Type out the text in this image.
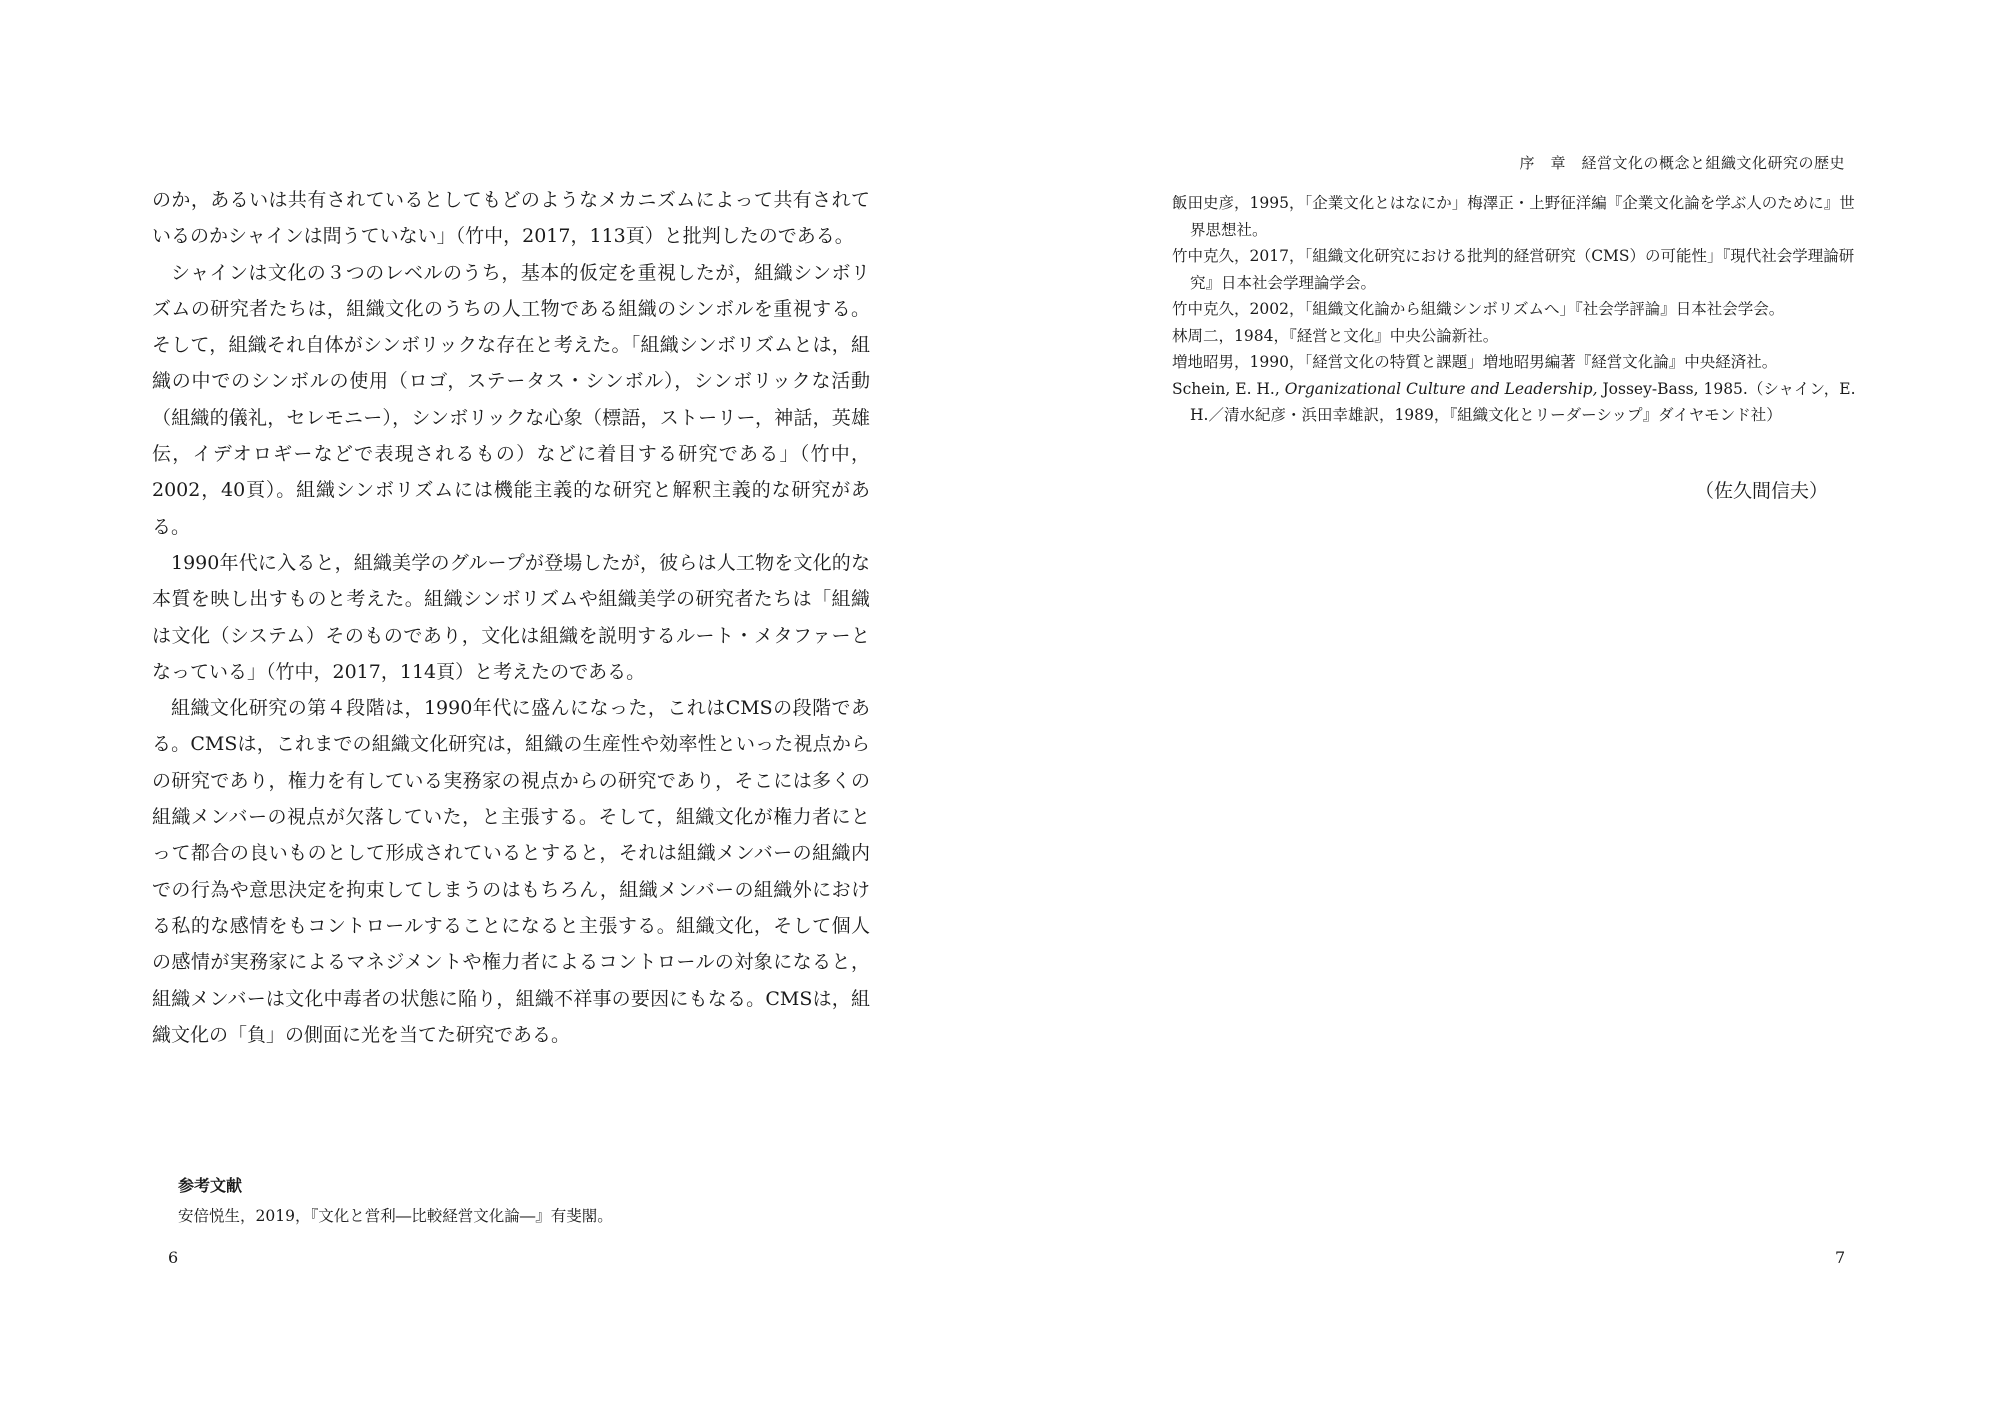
のか，あるいは共有されているとしてもどのようなメカニズムによって共有されているのかシャインは問うていない」（竹中，2017，113頁）と批判したのである。

シャインは文化の３つのレベルのうち，基本的仮定を重視したが，組織シンボリズムの研究者たちは，組織文化のうちの人工物である組織のシンボルを重視する。そして，組織それ自体がシンボリックな存在と考えた。「組織シンボリズムとは，組織の中でのシンボルの使用（ロゴ，ステータス・シンボル），シンボリックな活動（組織的儀礼，セレモニー），シンボリックな心象（標語，ストーリー，神話，英雄伝，イデオロギーなどで表現されるもの）などに着目する研究である」（竹中，2002，40頁）。組織シンボリズムには機能主義的な研究と解釈主義的な研究がある。

1990年代に入ると，組織美学のグループが登場したが，彼らは人工物を文化的な本質を映し出すものと考えた。組織シンボリズムや組織美学の研究者たちは「組織は文化（システム）そのものであり，文化は組織を説明するルート・メタファーとなっている」（竹中，2017，114頁）と考えたのである。

組織文化研究の第４段階は，1990年代に盛んになった，これはCMSの段階である。CMSは，これまでの組織文化研究は，組織の生産性や効率性といった視点からの研究であり，権力を有している実務家の視点からの研究であり，そこには多くの組織メンバーの視点が欠落していた，と主張する。そして，組織文化が権力者にとって都合の良いものとして形成されているとすると，それは組織メンバーの組織内での行為や意思決定を拘束してしまうのはもちろん，組織メンバーの組織外における私的な感情をもコントロールすることになると主張する。組織文化，そして個人の感情が実務家によるマネジメントや権力者によるコントロールの対象になると，組織メンバーは文化中毒者の状態に陥り，組織不祥事の要因にもなる。CMSは，組織文化の「負」の側面に光を当てた研究である。

参考文献
安倍悦生，2019，『文化と営利―比較経営文化論―』有斐閣。
6
序　章　経営文化の概念と組織文化研究の歴史
飯田史彦，1995，「企業文化とはなにか」梅澤正・上野征洋編『企業文化論を学ぶ人のために』世界思想社。
竹中克久，2017，「組織文化研究における批判的経営研究（CMS）の可能性」『現代社会学理論研究』日本社会学理論学会。
竹中克久，2002，「組織文化論から組織シンボリズムへ」『社会学評論』日本社会学会。
林周二，1984，『経営と文化』中央公論新社。
増地昭男，1990，「経営文化の特質と課題」増地昭男編著『経営文化論』中央経済社。
Schein, E. H., Organizational Culture and Leadership, Jossey-Bass, 1985.（シャイン，E. H.／清水紀彦・浜田幸雄訳，1989，『組織文化とリーダーシップ』ダイヤモンド社）
（佐久間信夫）
7
